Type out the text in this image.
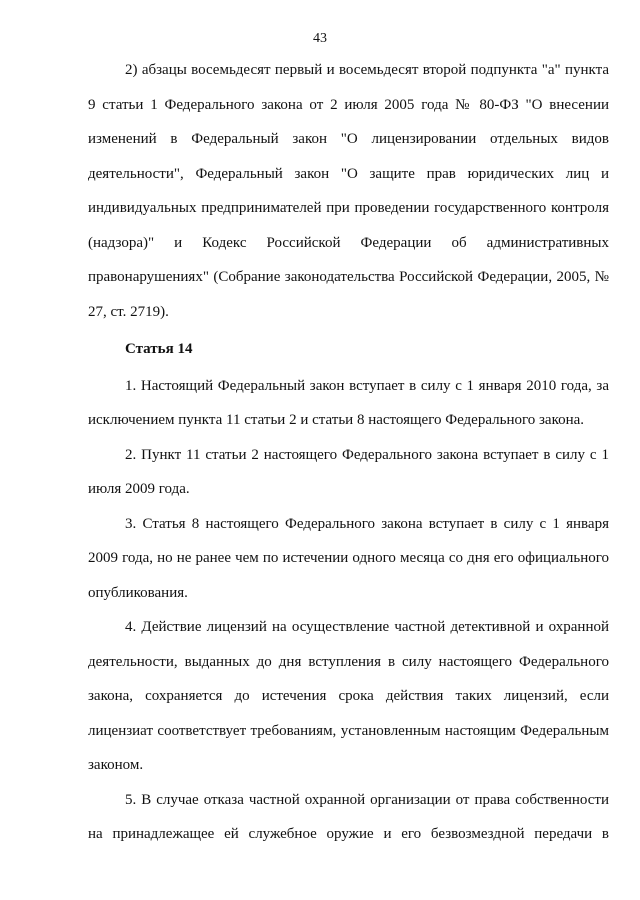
43

2) абзацы восемьдесят первый и восемьдесят второй подпункта "а" пункта 9 статьи 1 Федерального закона от 2 июля 2005 года № 80-ФЗ "О внесении изменений в Федеральный закон "О лицензировании отдельных видов деятельности", Федеральный закон "О защите прав юридических лиц и индивидуальных предпринимателей при проведении государственного контроля (надзора)" и Кодекс Российской Федерации об административных правонарушениях" (Собрание законодательства Российской Федерации, 2005, № 27, ст. 2719).

Статья 14

1. Настоящий Федеральный закон вступает в силу с 1 января 2010 года, за исключением пункта 11 статьи 2 и статьи 8 настоящего Федерального закона.

2. Пункт 11 статьи 2 настоящего Федерального закона вступает в силу с 1 июля 2009 года.

3. Статья 8 настоящего Федерального закона вступает в силу с 1 января 2009 года, но не ранее чем по истечении одного месяца со дня его официального опубликования.

4. Действие лицензий на осуществление частной детективной и охранной деятельности, выданных до дня вступления в силу настоящего Федерального закона, сохраняется до истечения срока действия таких лицензий, если лицензиат соответствует требованиям, установленным настоящим Федеральным законом.

5. В случае отказа частной охранной организации от права собственности на принадлежащее ей служебное оружие и его безвозмездной передачи в
